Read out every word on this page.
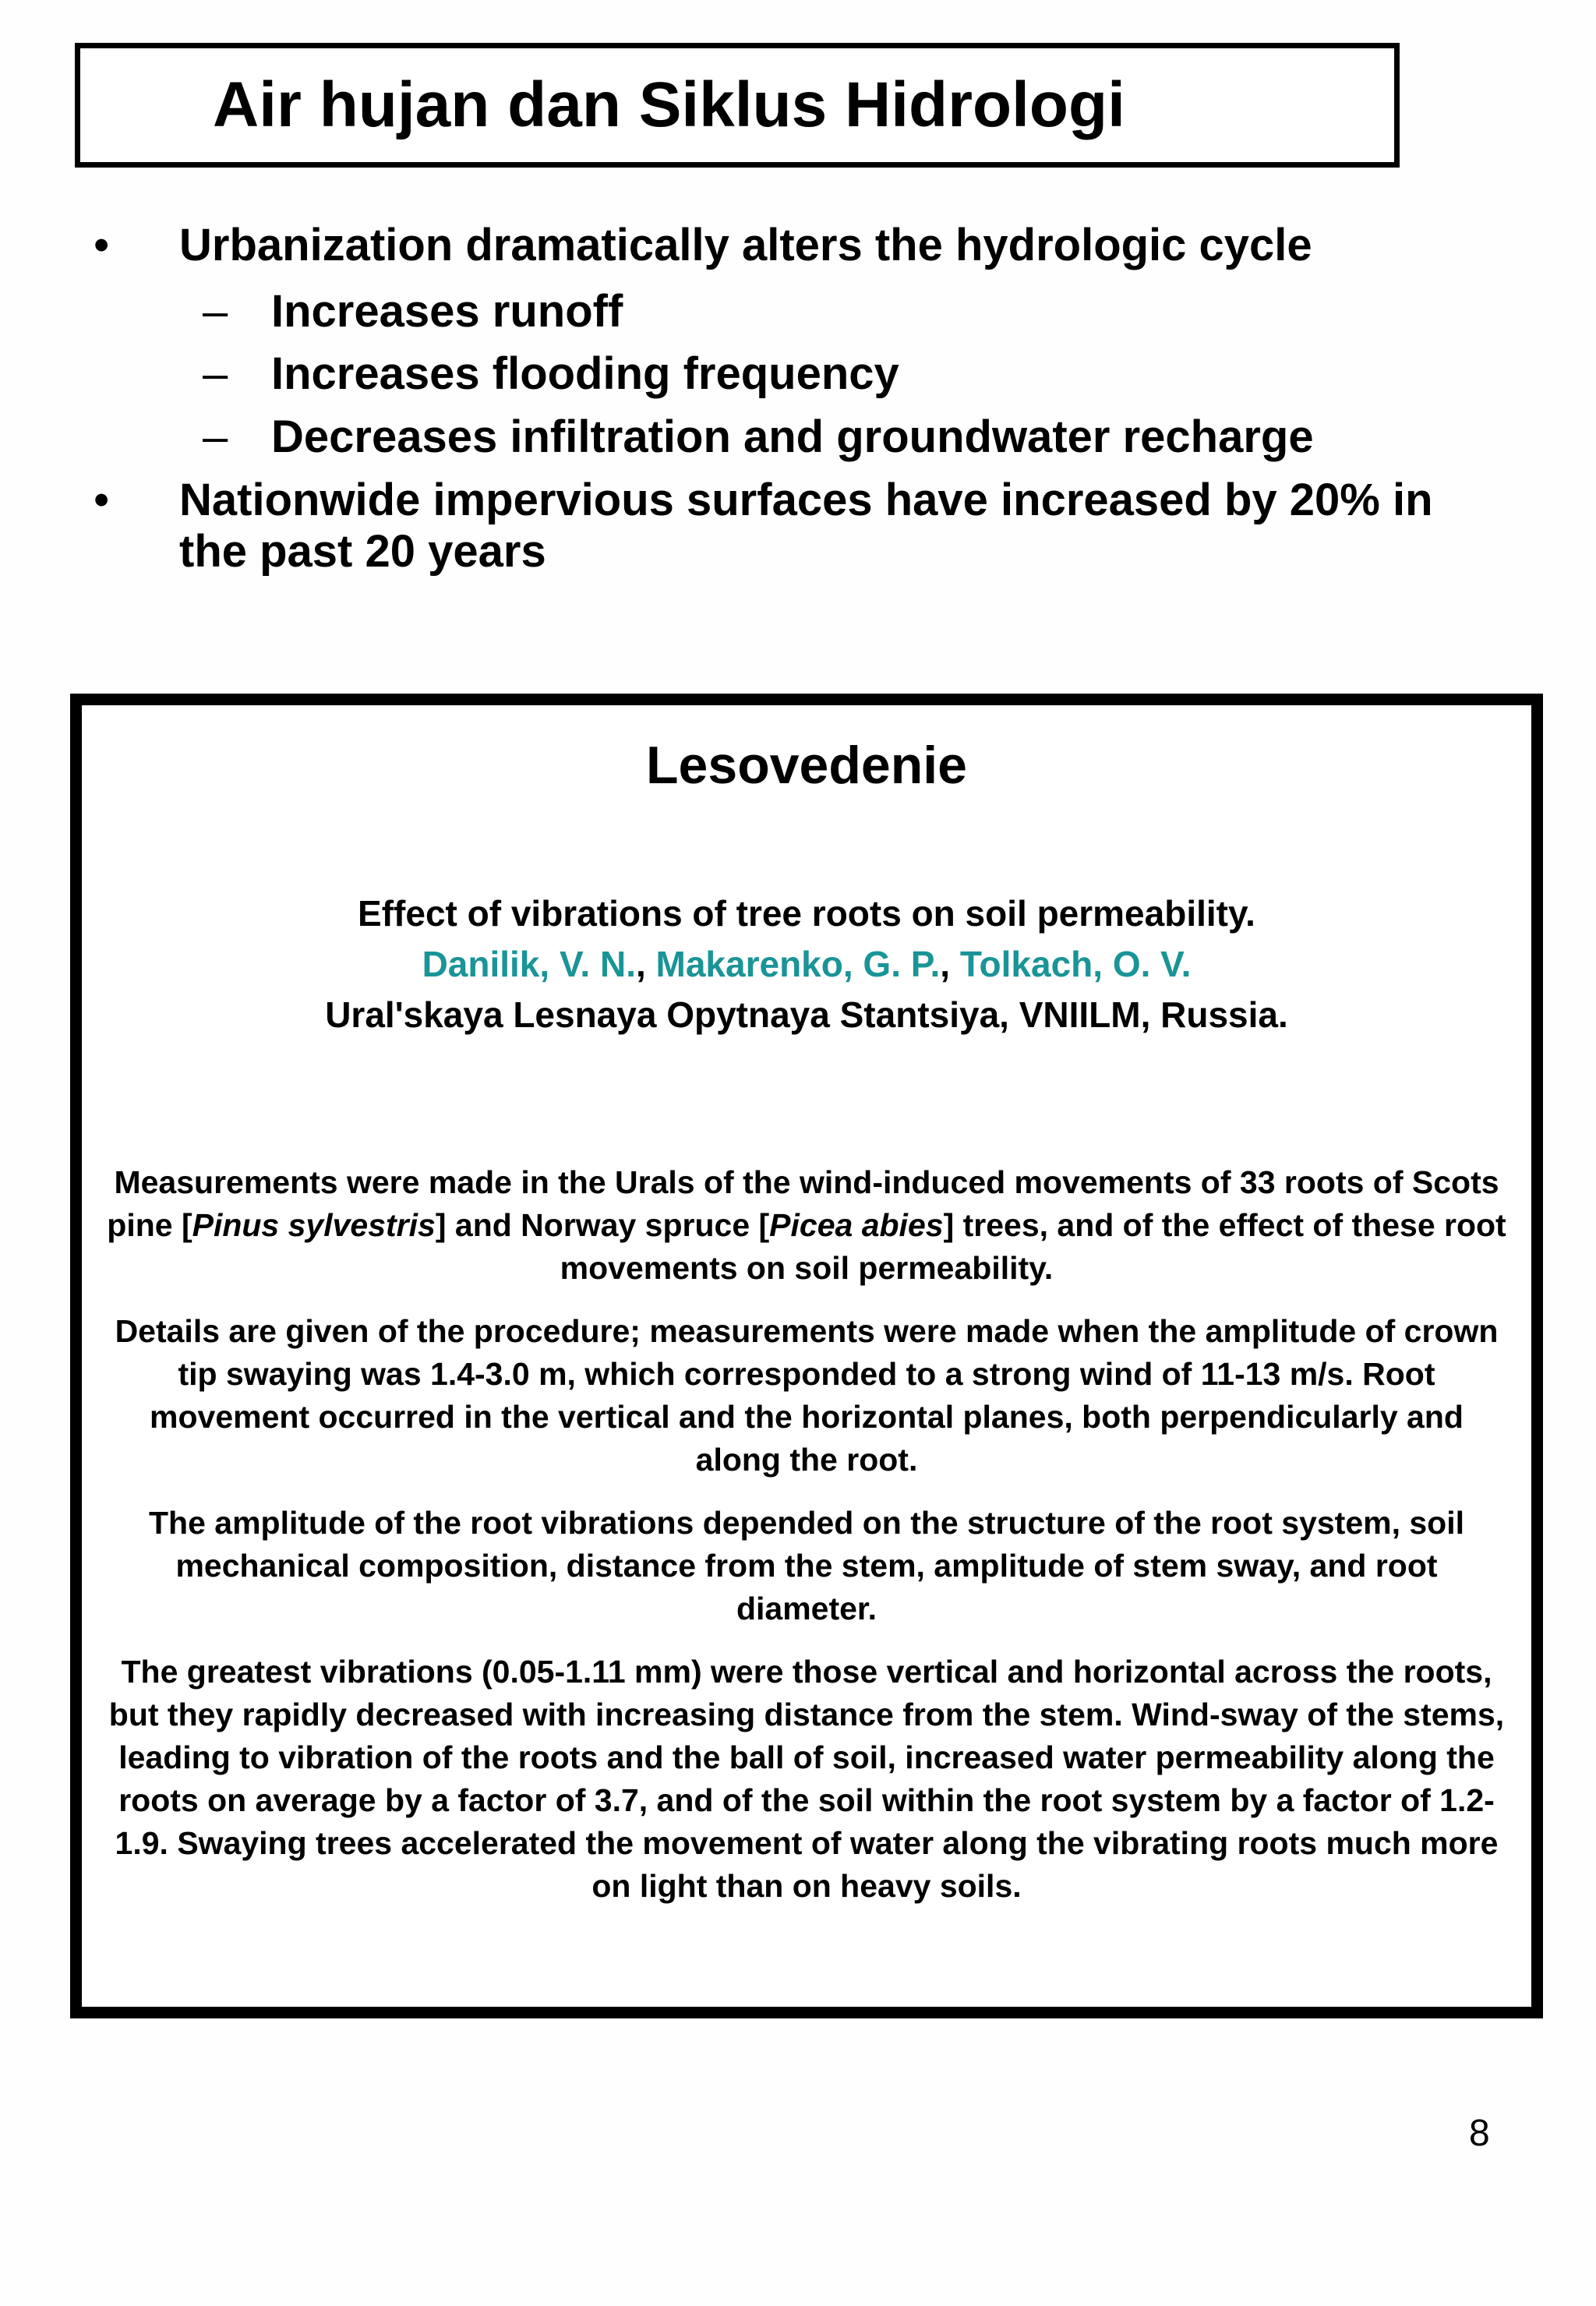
Air hujan dan Siklus Hidrologi
• Urbanization dramatically alters the hydrologic cycle
– Increases runoff
– Increases flooding frequency
– Decreases infiltration and groundwater recharge
• Nationwide impervious surfaces have increased by 20% in the past 20 years
Lesovedenie
Effect of vibrations of tree roots on soil permeability.
Danilik, V. N., Makarenko, G. P., Tolkach, O. V.
Ural'skaya Lesnaya Opytnaya Stantsiya, VNIILM, Russia.

Measurements were made in the Urals of the wind-induced movements of 33 roots of Scots pine [Pinus sylvestris] and Norway spruce [Picea abies] trees, and of the effect of these root movements on soil permeability.

Details are given of the procedure; measurements were made when the amplitude of crown tip swaying was 1.4-3.0 m, which corresponded to a strong wind of 11-13 m/s. Root movement occurred in the vertical and the horizontal planes, both perpendicularly and along the root.

The amplitude of the root vibrations depended on the structure of the root system, soil mechanical composition, distance from the stem, amplitude of stem sway, and root diameter.

The greatest vibrations (0.05-1.11 mm) were those vertical and horizontal across the roots, but they rapidly decreased with increasing distance from the stem. Wind-sway of the stems, leading to vibration of the roots and the ball of soil, increased water permeability along the roots on average by a factor of 3.7, and of the soil within the root system by a factor of 1.2-1.9. Swaying trees accelerated the movement of water along the vibrating roots much more on light than on heavy soils.

8
